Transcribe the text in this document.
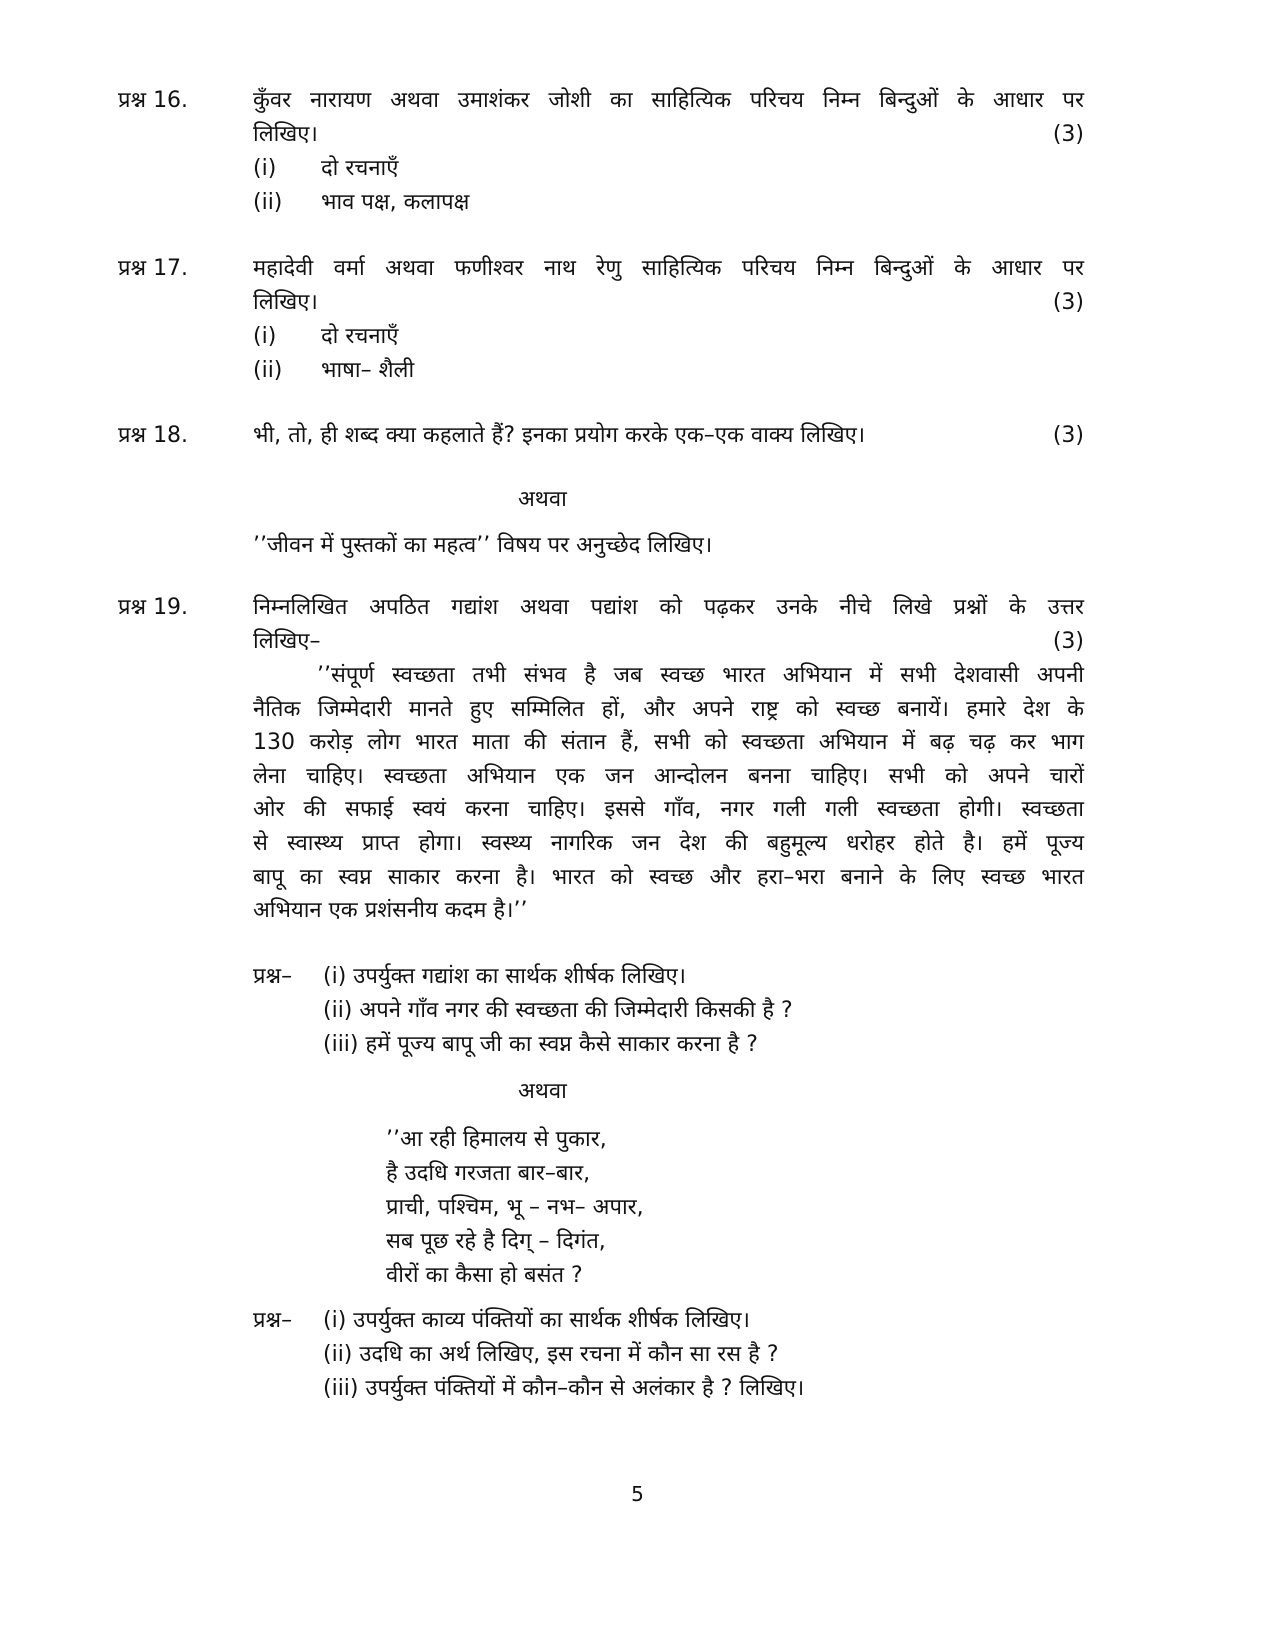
प्रश्न 16.	कुँवर नारायण अथवा उमाशंकर जोशी का साहित्यिक परिचय निम्न बिन्दुओं के आधार पर
लिखिए।	(3)
(i) दो रचनाएँ
(ii) भाव पक्ष, कलापक्ष
प्रश्न 17.	महादेवी वर्मा अथवा फणीश्वर नाथ रेणु साहित्यिक परिचय निम्न बिन्दुओं के आधार पर
लिखिए।	(3)
(i) दो रचनाएँ
(ii) भाषा– शैली
प्रश्न 18.	भी, तो, ही शब्द क्या कहलाते हैं? इनका प्रयोग करके एक–एक वाक्य लिखिए।	(3)
अथवा
’’जीवन में पुस्तकों का महत्व’’ विषय पर अनुच्छेद लिखिए।
प्रश्न 19.	निम्नलिखित अपठित गद्यांश अथवा पद्यांश को पढ़कर उनके नीचे लिखे प्रश्नों के उत्तर
लिखिए–	(3)
’’संपूर्ण स्वच्छता तभी संभव है जब स्वच्छ भारत अभियान में सभी देशवासी अपनी
नैतिक जिम्मेदारी मानते हुए सम्मिलित हों, और अपने राष्ट्र को स्वच्छ बनायें। हमारे देश के
130 करोड़ लोग भारत माता की संतान हैं, सभी को स्वच्छता अभियान में बढ़ चढ़ कर भाग
लेना चाहिए। स्वच्छता अभियान एक जन आन्दोलन बनना चाहिए। सभी को अपने चारों
ओर की सफाई स्वयं करना चाहिए। इससे गाँव, नगर गली गली स्वच्छता होगी। स्वच्छता
से स्वास्थ्य प्राप्त होगा। स्वस्थ्य नागरिक जन देश की बहुमूल्य धरोहर होते है। हमें पूज्य
बापू का स्वप्न साकार करना है। भारत को स्वच्छ और हरा–भरा बनाने के लिए स्वच्छ भारत
अभियान एक प्रशंसनीय कदम है।’’
प्रश्न– (i) उपर्युक्त गद्यांश का सार्थक शीर्षक लिखिए।
(ii) अपने गाँव नगर की स्वच्छता की जिम्मेदारी किसकी है ?
(iii) हमें पूज्य बापू जी का स्वप्न कैसे साकार करना है ?
अथवा
’’आ रही हिमालय से पुकार,
है उदधि गरजता बार–बार,
प्राची, पश्चिम, भू – नभ– अपार,
सब पूछ रहे है दिग् – दिगंत,
वीरों का कैसा हो बसंत ?
प्रश्न– (i) उपर्युक्त काव्य पंक्तियों का सार्थक शीर्षक लिखिए।
(ii) उदधि का अर्थ लिखिए, इस रचना में कौन सा रस है ?
(iii) उपर्युक्त पंक्तियों में कौन–कौन से अलंकार है ? लिखिए।
5
